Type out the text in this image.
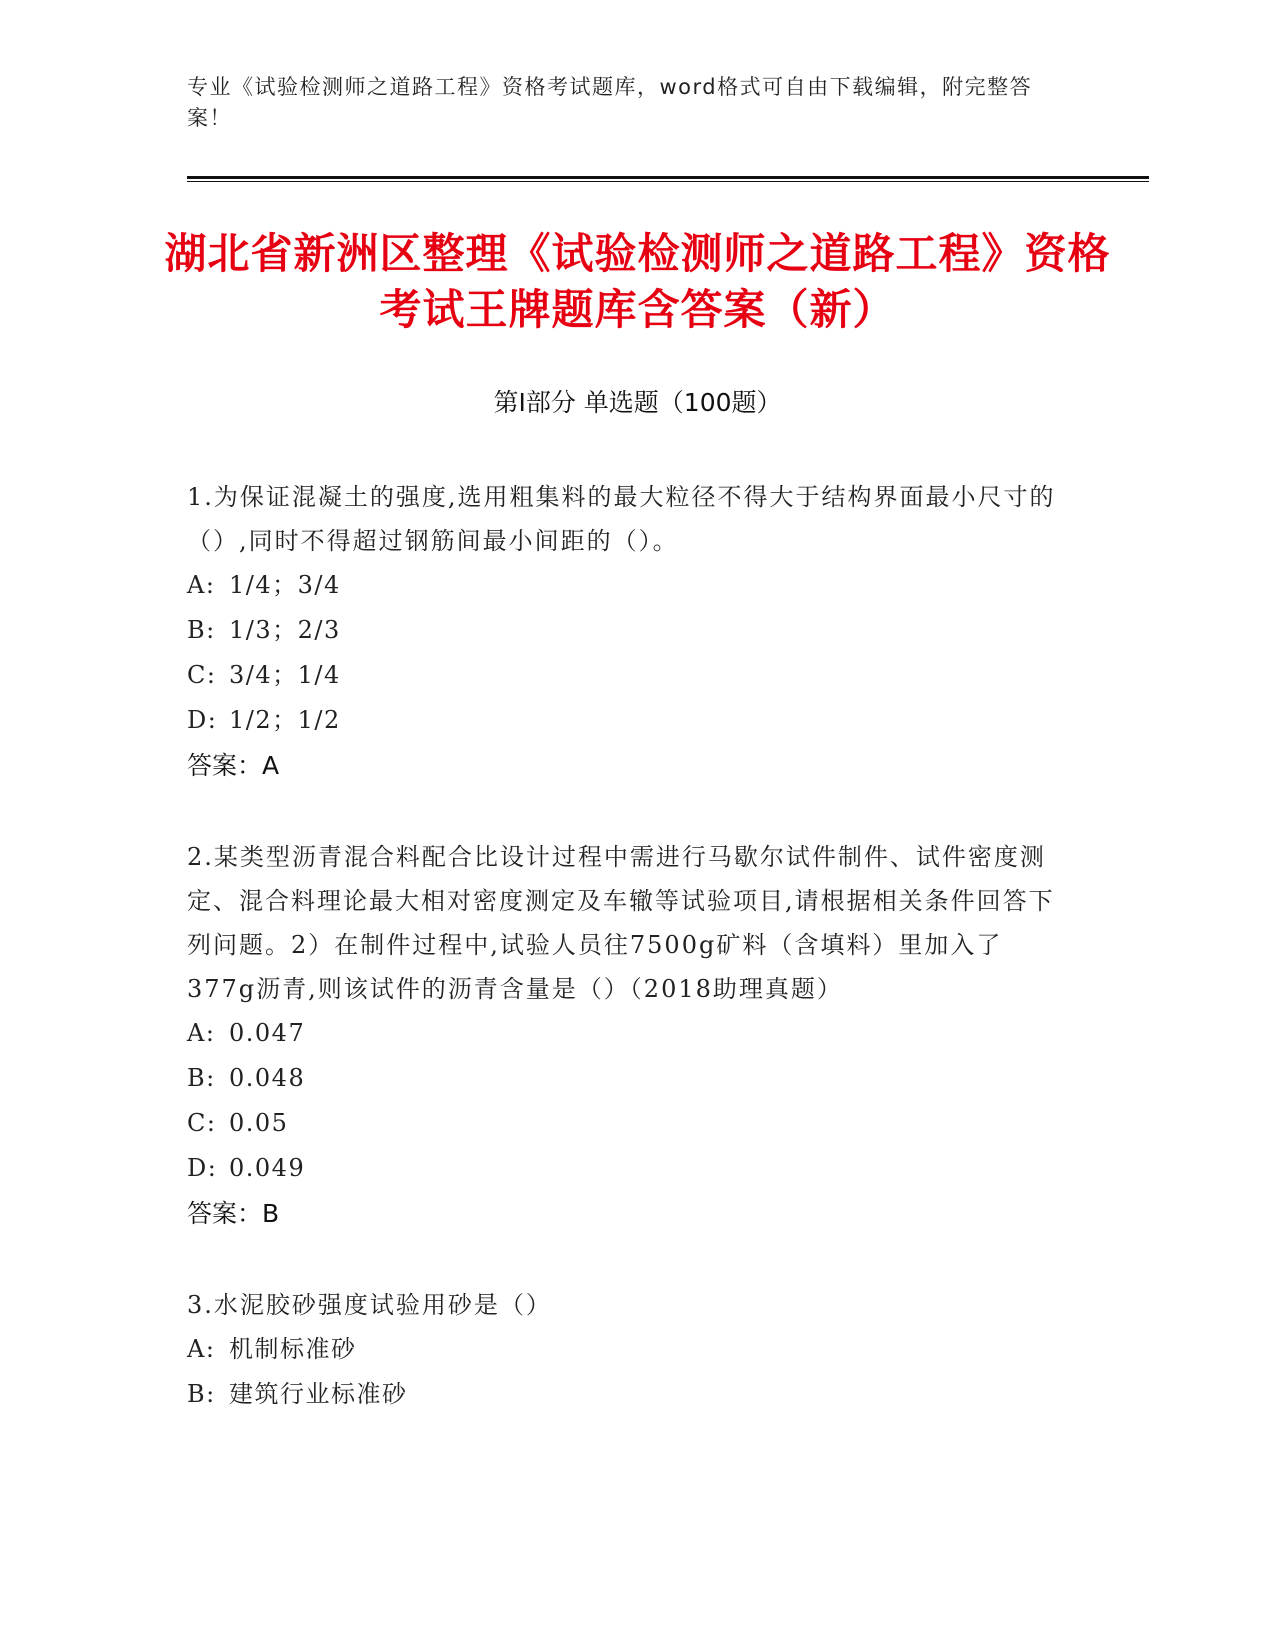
专业《试验检测师之道路工程》资格考试题库，word格式可自由下载编辑，附完整答案！
湖北省新洲区整理《试验检测师之道路工程》资格考试王牌题库含答案（新）
第I部分 单选题（100题）
1.为保证混凝土的强度,选用粗集料的最大粒径不得大于结构界面最小尺寸的（）,同时不得超过钢筋间最小间距的（）。
A: 1/4；3/4
B: 1/3；2/3
C: 3/4；1/4
D: 1/2；1/2
答案：A
2.某类型沥青混合料配合比设计过程中需进行马歇尔试件制件、试件密度测定、混合料理论最大相对密度测定及车辙等试验项目,请根据相关条件回答下列问题。2）在制件过程中,试验人员往7500g矿料（含填料）里加入了377g沥青,则该试件的沥青含量是（）（2018助理真题）
A: 0.047
B: 0.048
C: 0.05
D: 0.049
答案：B
3.水泥胶砂强度试验用砂是（）
A: 机制标准砂
B: 建筑行业标准砂
